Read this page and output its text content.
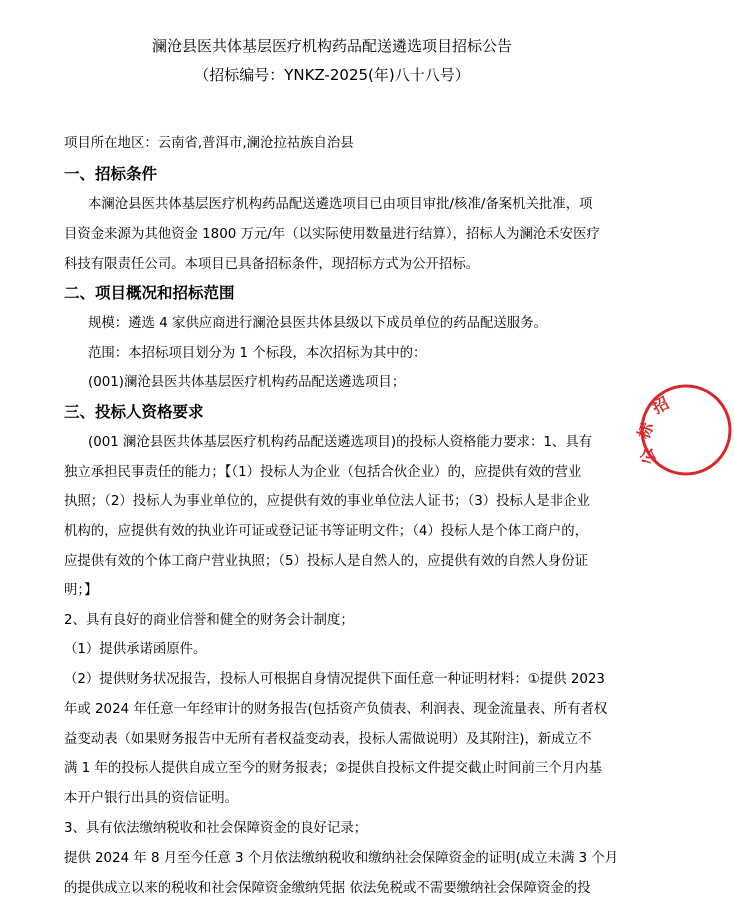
澜沧县医共体基层医疗机构药品配送遴选项目招标公告
（招标编号：YNKZ-2025(年)八十八号）
项目所在地区：云南省,普洱市,澜沧拉祜族自治县
一、招标条件
本澜沧县医共体基层医疗机构药品配送遴选项目已由项目审批/核准/备案机关批准，项
目资金来源为其他资金 1800 万元/年（以实际使用数量进行结算），招标人为澜沧禾安医疗
科技有限责任公司。本项目已具备招标条件，现招标方式为公开招标。
二、项目概况和招标范围
规模：遴选 4 家供应商进行澜沧县医共体县级以下成员单位的药品配送服务。
范围：本招标项目划分为 1 个标段，本次招标为其中的：
(001)澜沧县医共体基层医疗机构药品配送遴选项目；
三、投标人资格要求
(001 澜沧县医共体基层医疗机构药品配送遴选项目)的投标人资格能力要求：1、具有
独立承担民事责任的能力；【（1）投标人为企业（包括合伙企业）的，应提供有效的营业
执照；（2）投标人为事业单位的，应提供有效的事业单位法人证书；（3）投标人是非企业
机构的，应提供有效的执业许可证或登记证书等证明文件；（4）投标人是个体工商户的，
应提供有效的个体工商户营业执照；（5）投标人是自然人的，应提供有效的自然人身份证
明；】
2、具有良好的商业信誉和健全的财务会计制度；
（1）提供承诺函原件。
（2）提供财务状况报告，投标人可根据自身情况提供下面任意一种证明材料：①提供 2023
年或 2024 年任意一年经审计的财务报告(包括资产负债表、利润表、现金流量表、所有者权
益变动表（如果财务报告中无所有者权益变动表，投标人需做说明）及其附注)，新成立不
满 1 年的投标人提供自成立至今的财务报表；②提供自投标文件提交截止时间前三个月内基
本开户银行出具的资信证明。
3、具有依法缴纳税收和社会保障资金的良好记录；
提供 2024 年 8 月至今任意 3 个月依法缴纳税收和缴纳社会保障资金的证明(成立未满 3 个月
的提供成立以来的税收和社会保障资金缴纳凭据 依法免税或不需要缴纳社会保障资金的投
招
标
公
